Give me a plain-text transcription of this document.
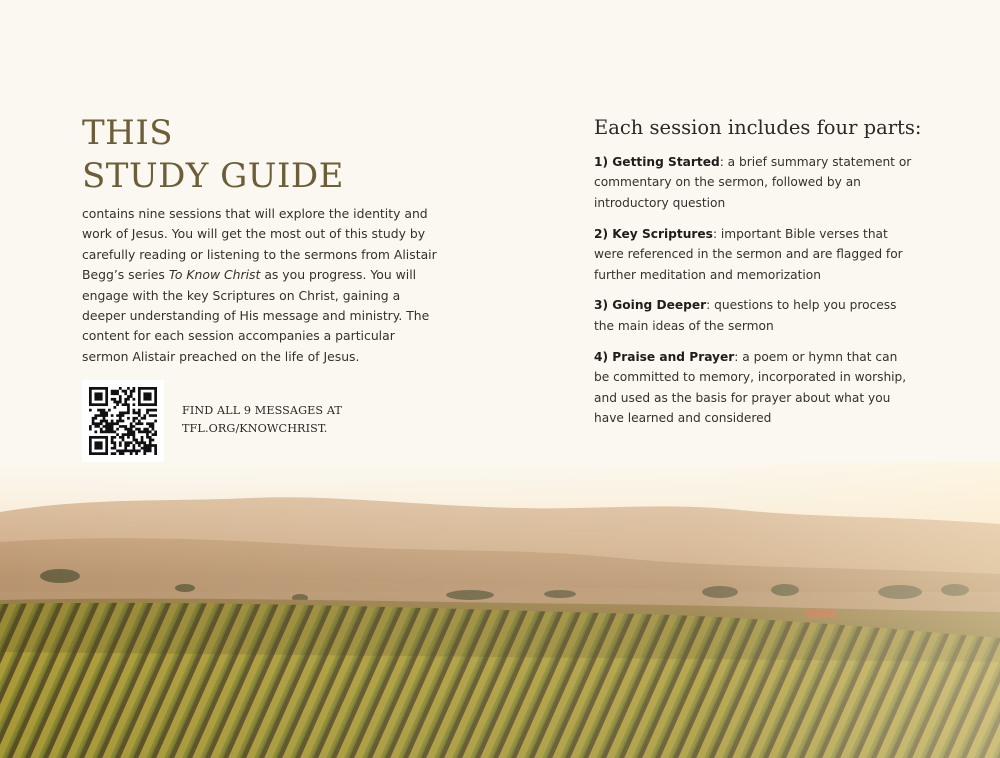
THIS
STUDY GUIDE

contains nine sessions that will explore the identity and work of Jesus. You will get the most out of this study by carefully reading or listening to the sermons from Alistair Begg’s series To Know Christ as you progress. You will engage with the key Scriptures on Christ, gaining a deeper understanding of His message and ministry. The content for each session accompanies a particular sermon Alistair preached on the life of Jesus.

FIND ALL 9 MESSAGES AT
TFL.ORG/KNOWCHRIST.

Each session includes four parts:

1) Getting Started: a brief summary statement or commentary on the sermon, followed by an introductory question

2) Key Scriptures: important Bible verses that were referenced in the sermon and are flagged for further meditation and memorization

3) Going Deeper: questions to help you process the main ideas of the sermon

4) Praise and Prayer: a poem or hymn that can be committed to memory, incorporated in worship, and used as the basis for prayer about what you have learned and considered
